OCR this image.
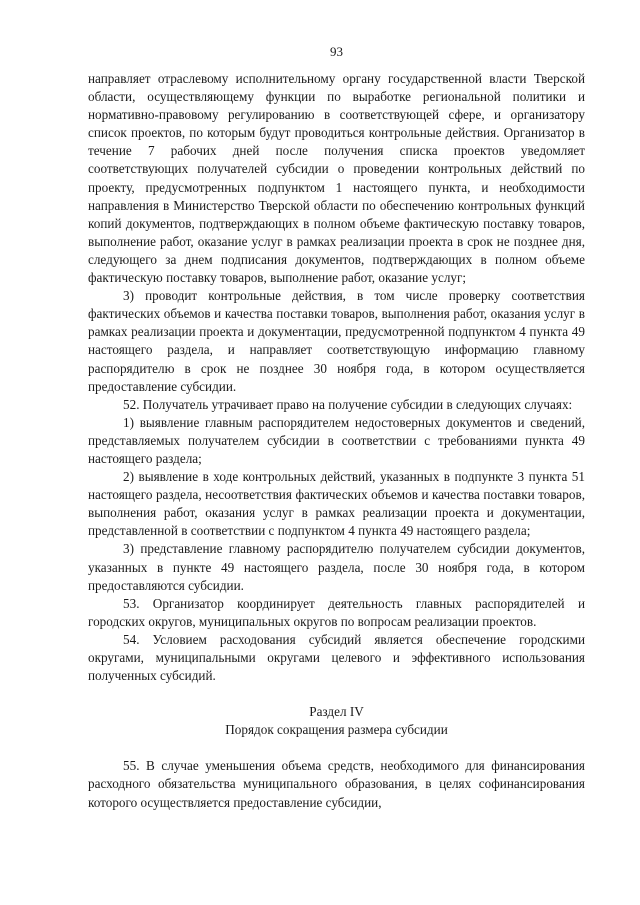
93

направляет отраслевому исполнительному органу государственной власти Тверской области, осуществляющему функции по выработке региональной политики и нормативно-правовому регулированию в соответствующей сфере, и организатору список проектов, по которым будут проводиться контрольные действия. Организатор в течение 7 рабочих дней после получения списка проектов уведомляет соответствующих получателей субсидии о проведении контрольных действий по проекту, предусмотренных подпунктом 1 настоящего пункта, и необходимости направления в Министерство Тверской области по обеспечению контрольных функций копий документов, подтверждающих в полном объеме фактическую поставку товаров, выполнение работ, оказание услуг в рамках реализации проекта в срок не позднее дня, следующего за днем подписания документов, подтверждающих в полном объеме фактическую поставку товаров, выполнение работ, оказание услуг;

3) проводит контрольные действия, в том числе проверку соответствия фактических объемов и качества поставки товаров, выполнения работ, оказания услуг в рамках реализации проекта и документации, предусмотренной подпунктом 4 пункта 49 настоящего раздела, и направляет соответствующую информацию главному распорядителю в срок не позднее 30 ноября года, в котором осуществляется предоставление субсидии.

52. Получатель утрачивает право на получение субсидии в следующих случаях:

1) выявление главным распорядителем недостоверных документов и сведений, представляемых получателем субсидии в соответствии с требованиями пункта 49 настоящего раздела;

2) выявление в ходе контрольных действий, указанных в подпункте 3 пункта 51 настоящего раздела, несоответствия фактических объемов и качества поставки товаров, выполнения работ, оказания услуг в рамках реализации проекта и документации, представленной в соответствии с подпунктом 4 пункта 49 настоящего раздела;

3) представление главному распорядителю получателем субсидии документов, указанных в пункте 49 настоящего раздела, после 30 ноября года, в котором предоставляются субсидии.

53. Организатор координирует деятельность главных распорядителей и городских округов, муниципальных округов по вопросам реализации проектов.

54. Условием расходования субсидий является обеспечение городскими округами, муниципальными округами целевого и эффективного использования полученных субсидий.

Раздел IV

Порядок сокращения размера субсидии

55. В случае уменьшения объема средств, необходимого для финансирования расходного обязательства муниципального образования, в целях софинансирования которого осуществляется предоставление субсидии,
